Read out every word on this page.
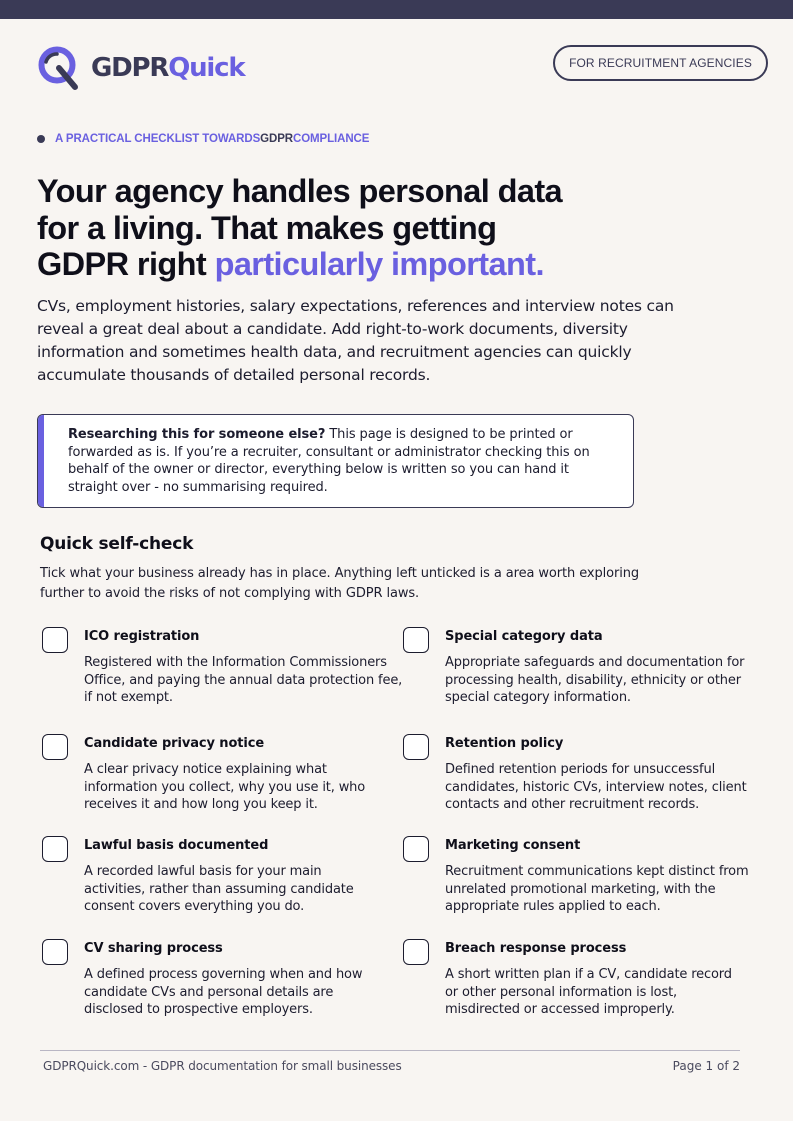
GDPRQuick	FOR RECRUITMENT AGENCIES
A PRACTICAL CHECKLIST TOWARDS GDPR COMPLIANCE
Your agency handles personal data
for a living. That makes getting
GDPR right particularly important.

CVs, employment histories, salary expectations, references and interview notes can reveal a great deal about a candidate. Add right-to-work documents, diversity information and sometimes health data, and recruitment agencies can quickly accumulate thousands of detailed personal records.

Researching this for someone else? This page is designed to be printed or forwarded as is. If you’re a recruiter, consultant or administrator checking this on behalf of the owner or director, everything below is written so you can hand it straight over - no summarising required.

Quick self-check

Tick what your business already has in place. Anything left unticked is a area worth exploring further to avoid the risks of not complying with GDPR laws.

ICO registration
Registered with the Information Commissioners Office, and paying the annual data protection fee, if not exempt.
Special category data
Appropriate safeguards and documentation for processing health, disability, ethnicity or other special category information.
Candidate privacy notice
A clear privacy notice explaining what information you collect, why you use it, who receives it and how long you keep it.
Retention policy
Defined retention periods for unsuccessful candidates, historic CVs, interview notes, client contacts and other recruitment records.
Lawful basis documented
A recorded lawful basis for your main activities, rather than assuming candidate consent covers everything you do.
Marketing consent
Recruitment communications kept distinct from unrelated promotional marketing, with the appropriate rules applied to each.
CV sharing process
A defined process governing when and how candidate CVs and personal details are disclosed to prospective employers.
Breach response process
A short written plan if a CV, candidate record or other personal information is lost, misdirected or accessed improperly.
GDPRQuick.com - GDPR documentation for small businesses	Page 1 of 2
